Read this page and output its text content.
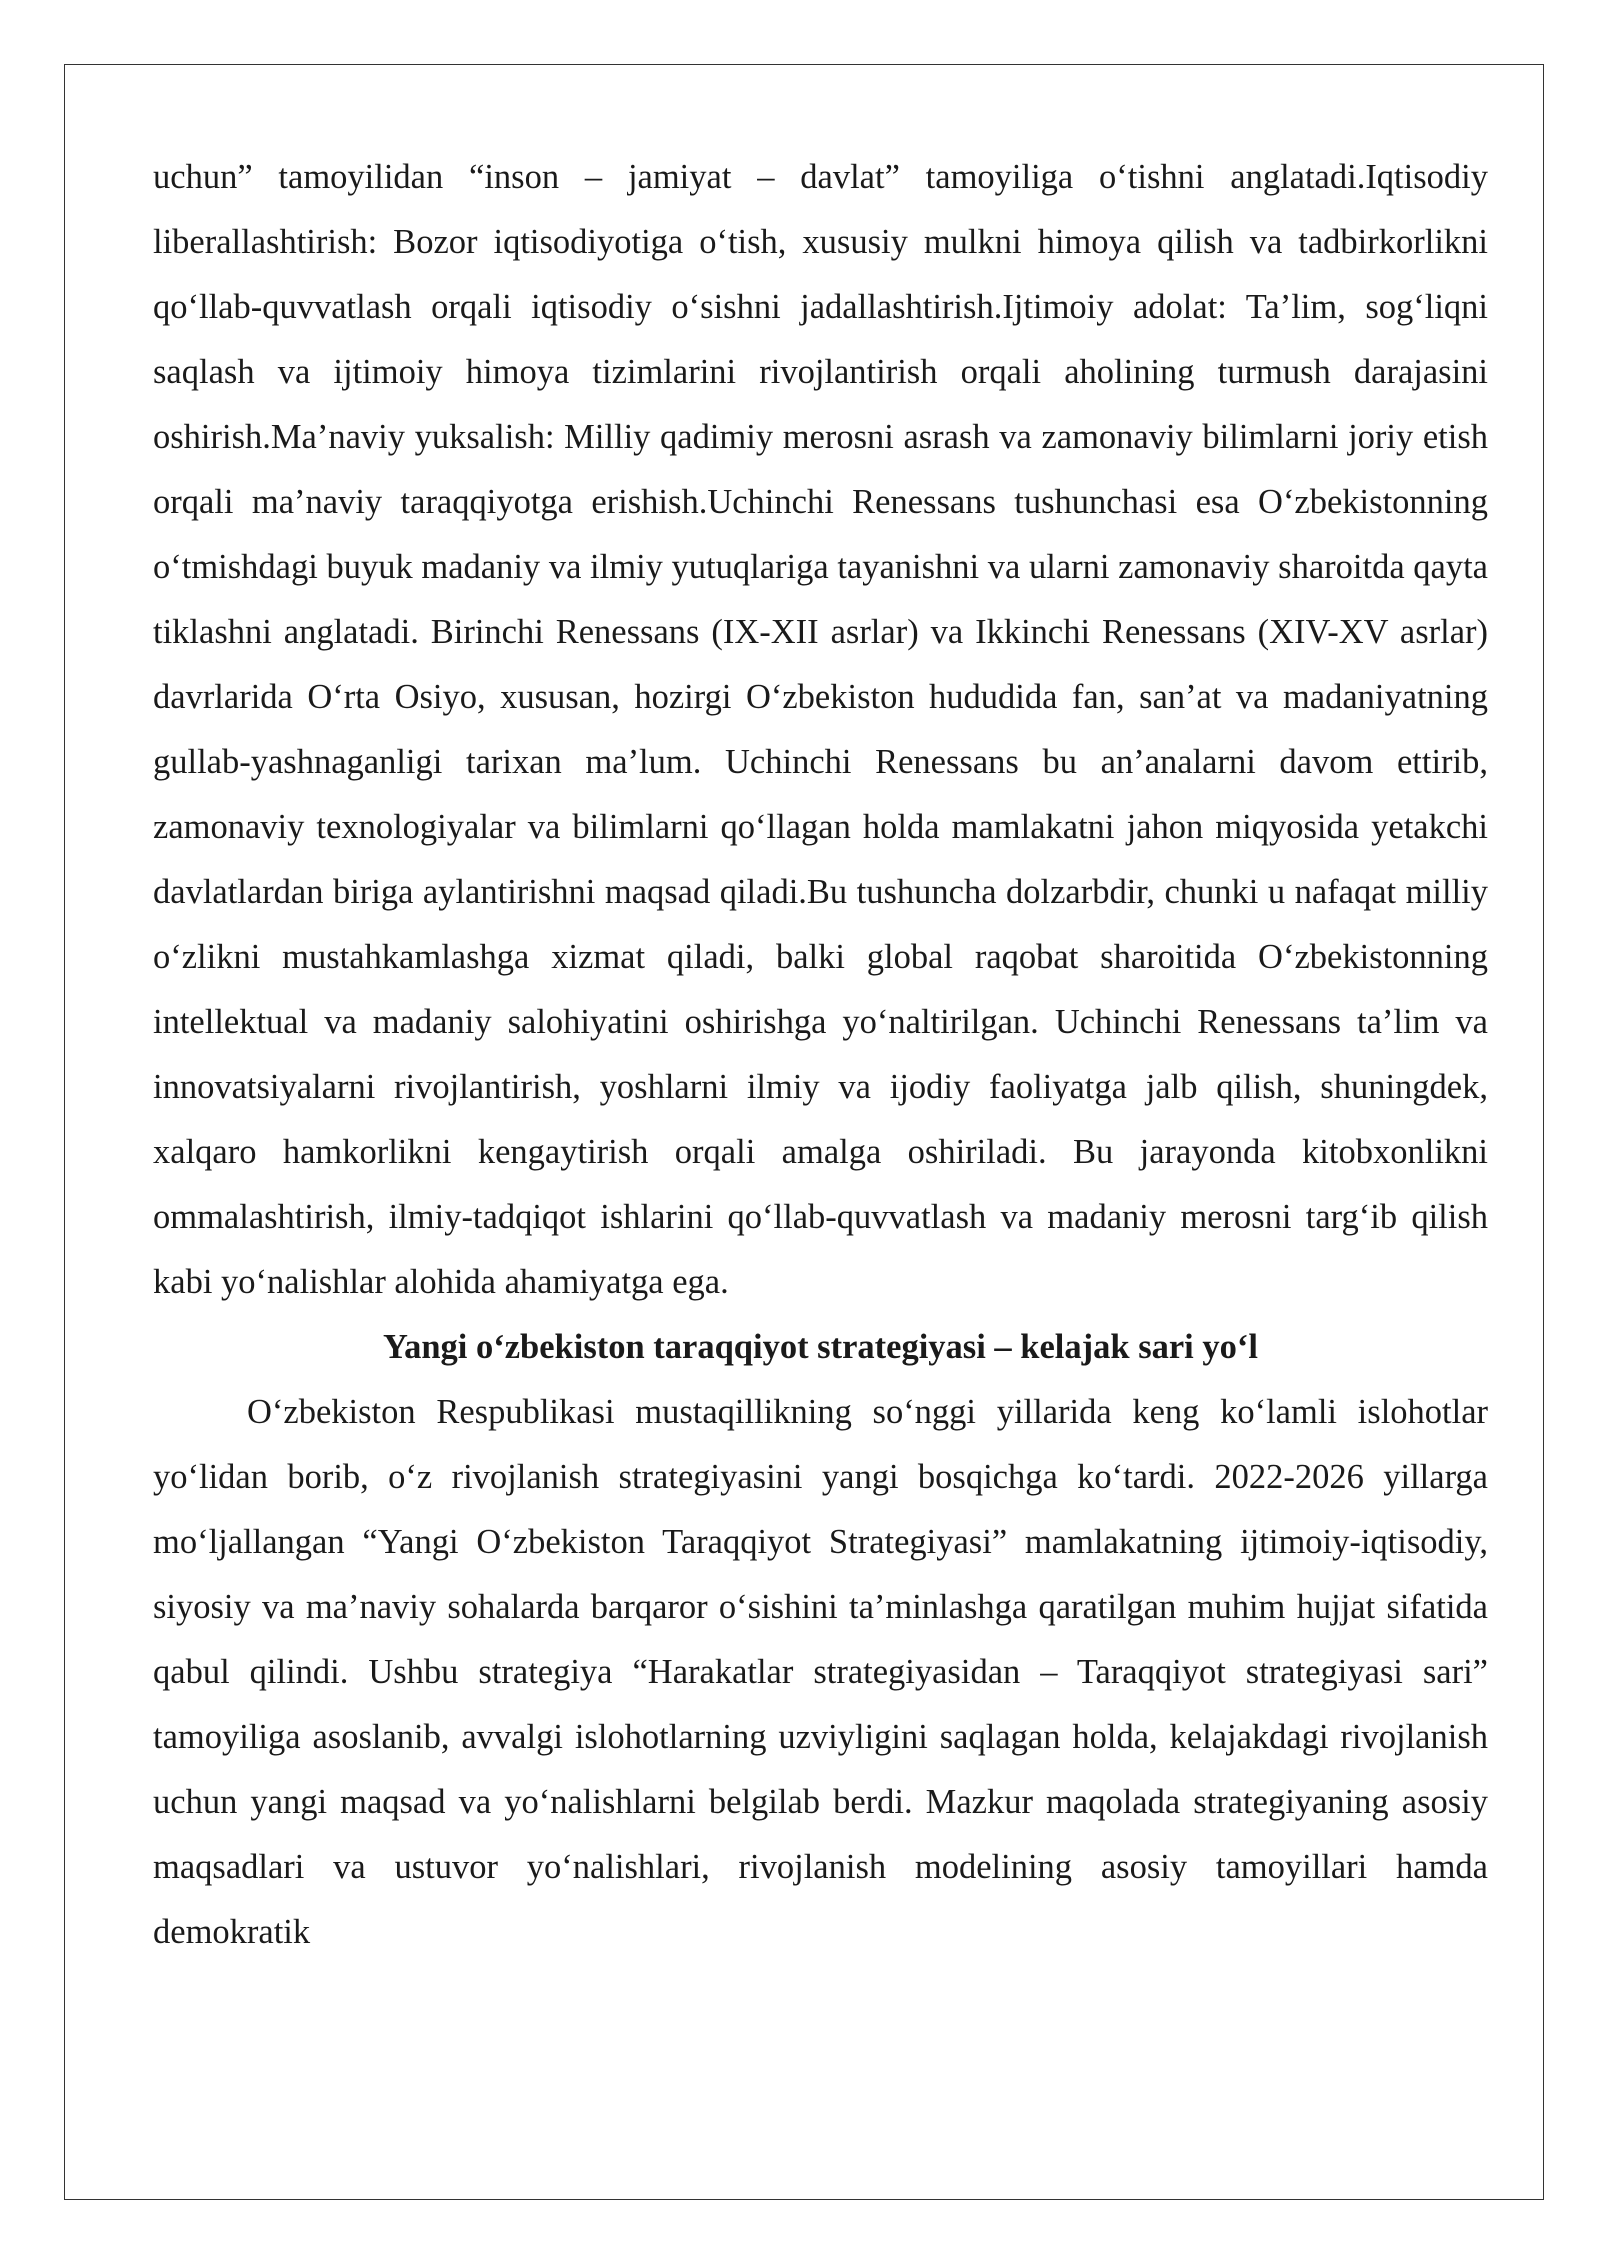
uchun” tamoyilidan “inson – jamiyat – davlat” tamoyiliga o‘tishni anglatadi.Iqtisodiy liberallashtirish: Bozor iqtisodiyotiga o‘tish, xususiy mulkni himoya qilish va tadbirkorlikni qo‘llab-quvvatlash orqali iqtisodiy o‘sishni jadallashtirish.Ijtimoiy adolat: Ta’lim, sog‘liqni saqlash va ijtimoiy himoya tizimlarini rivojlantirish orqali aholining turmush darajasini oshirish.Ma’naviy yuksalish: Milliy qadimiy merosni asrash va zamonaviy bilimlarni joriy etish orqali ma’naviy taraqqiyotga erishish.Uchinchi Renessans tushunchasi esa O‘zbekistonning o‘tmishdagi buyuk madaniy va ilmiy yutuqlariga tayanishni va ularni zamonaviy sharoitda qayta tiklashni anglatadi. Birinchi Renessans (IX-XII asrlar) va Ikkinchi Renessans (XIV-XV asrlar) davrlarida O‘rta Osiyo, xususan, hozirgi O‘zbekiston hududida fan, san’at va madaniyatning gullab-yashnaganligi tarixan ma’lum. Uchinchi Renessans bu an’analarni davom ettirib, zamonaviy texnologiyalar va bilimlarni qo‘llagan holda mamlakatni jahon miqyosida yetakchi davlatlardan biriga aylantirishni maqsad qiladi.Bu tushuncha dolzarbdir, chunki u nafaqat milliy o‘zlikni mustahkamlashga xizmat qiladi, balki global raqobat sharoitida O‘zbekistonning intellektual va madaniy salohiyatini oshirishga yo‘naltirilgan. Uchinchi Renessans ta’lim va innovatsiyalarni rivojlantirish, yoshlarni ilmiy va ijodiy faoliyatga jalb qilish, shuningdek, xalqaro hamkorlikni kengaytirish orqali amalga oshiriladi. Bu jarayonda kitobxonlikni ommalashtirish, ilmiy-tadqiqot ishlarini qo‘llab-quvvatlash va madaniy merosni targ‘ib qilish kabi yo‘nalishlar alohida ahamiyatga ega.

Yangi o‘zbekiston taraqqiyot strategiyasi – kelajak sari yo‘l

O‘zbekiston Respublikasi mustaqillikning so‘nggi yillarida keng ko‘lamli islohotlar yo‘lidan borib, o‘z rivojlanish strategiyasini yangi bosqichga ko‘tardi. 2022-2026 yillarga mo‘ljallangan “Yangi O‘zbekiston Taraqqiyot Strategiyasi” mamlakatning ijtimoiy-iqtisodiy, siyosiy va ma’naviy sohalarda barqaror o‘sishini ta’minlashga qaratilgan muhim hujjat sifatida qabul qilindi. Ushbu strategiya “Harakatlar strategiyasidan – Taraqqiyot strategiyasi sari” tamoyiliga asoslanib, avvalgi islohotlarning uzviyligini saqlagan holda, kelajakdagi rivojlanish uchun yangi maqsad va yo‘nalishlarni belgilab berdi. Mazkur maqolada strategiyaning asosiy maqsadlari va ustuvor yo‘nalishlari, rivojlanish modelining asosiy tamoyillari hamda demokratik
